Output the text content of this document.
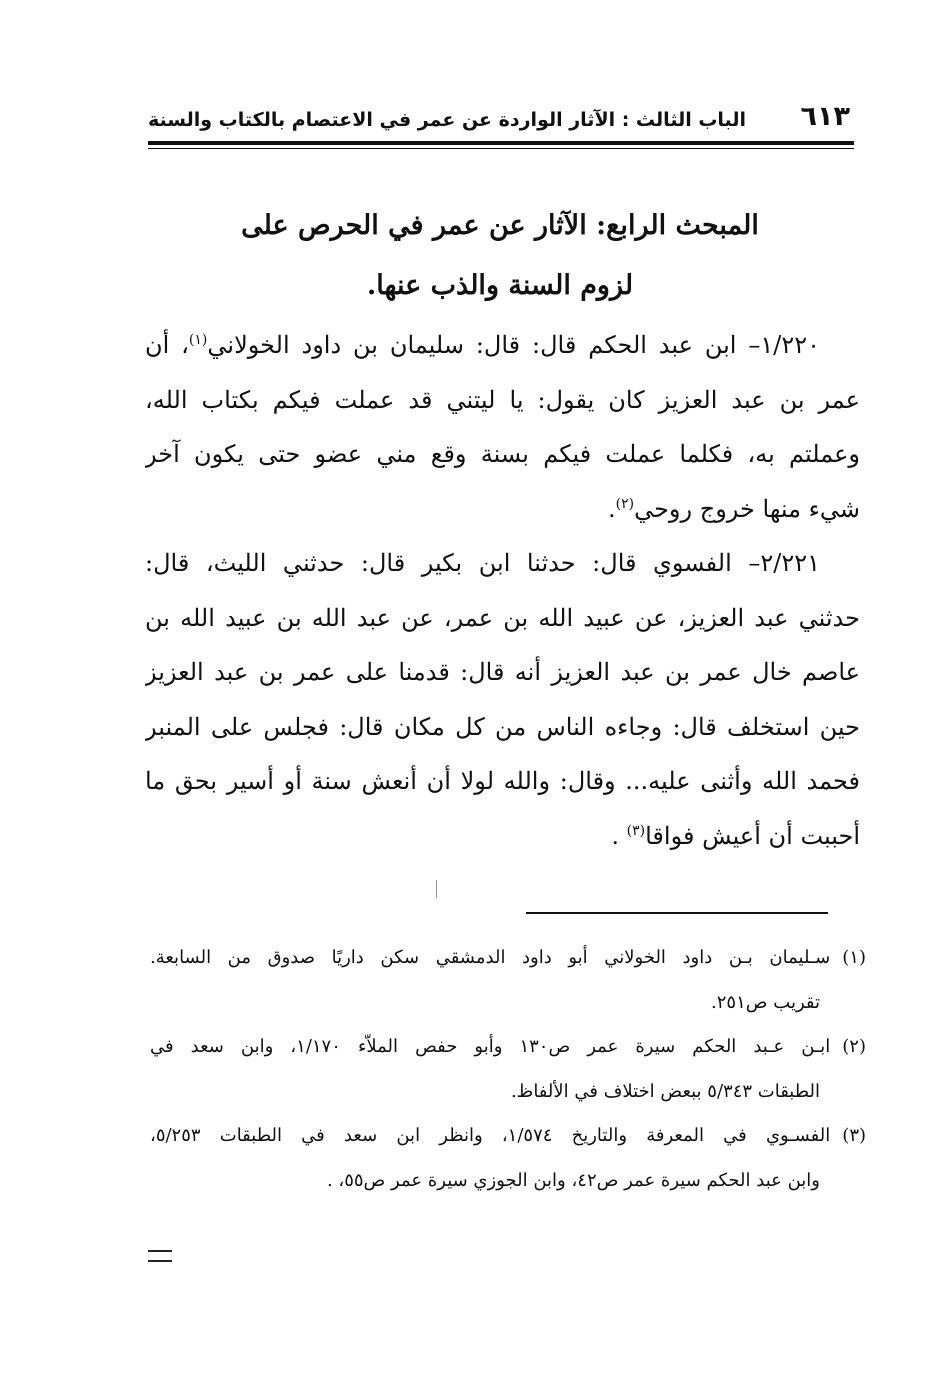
٦١٣
الباب الثالث : الآثار الواردة عن عمر في الاعتصام بالكتاب والسنة
المبحث الرابع: الآثار عن عمر في الحرص على
لزوم السنة والذب عنها.
١/٢٢٠– ابن عبد الحكم قال: قال: سليمان بن داود الخولاني$^{(١)}$، أن
عمر بن عبد العزيز كان يقول: يا ليتني قد عملت فيكم بكتاب الله،
وعملتم به، فكلما عملت فيكم بسنة وقع مني عضو حتى يكون آخر
شيء منها خروج روحي$^{(٢)}$.
٢/٢٢١– الفسوي قال: حدثنا ابن بكير قال: حدثني الليث، قال:
حدثني عبد العزيز، عن عبيد الله بن عمر، عن عبد الله بن عبيد الله بن
عاصم خال عمر بن عبد العزيز أنه قال: قدمنا على عمر بن عبد العزيز
حين استخلف قال: وجاءه الناس من كل مكان قال: فجلس على المنبر
فحمد الله وأثنى عليه... وقال: والله لولا أن أنعش سنة أو أسير بحق ما
أحببت أن أعيش فواقا$^{(٣)}$ .
(١)سـليمان بـن داود الخولاني أبو داود الدمشقي سكن داريًا صدوق من السابعة.
تقريب ص٢٥١.
(٢)ابـن عـبد الحكم سيرة عمر ص١٣٠ وأبو حفص الملاّء ١/١٧٠، وابن سعد في
الطبقات ٥/٣٤٣ ببعض اختلاف في الألفاظ.
(٣)الفسـوي في المعرفة والتاريخ ١/٥٧٤، وانظر ابن سعد في الطبقات ٥/٢٥٣،
وابن عبد الحكم سيرة عمر ص٤٢، وابن الجوزي سيرة عمر ص٥٥، .
